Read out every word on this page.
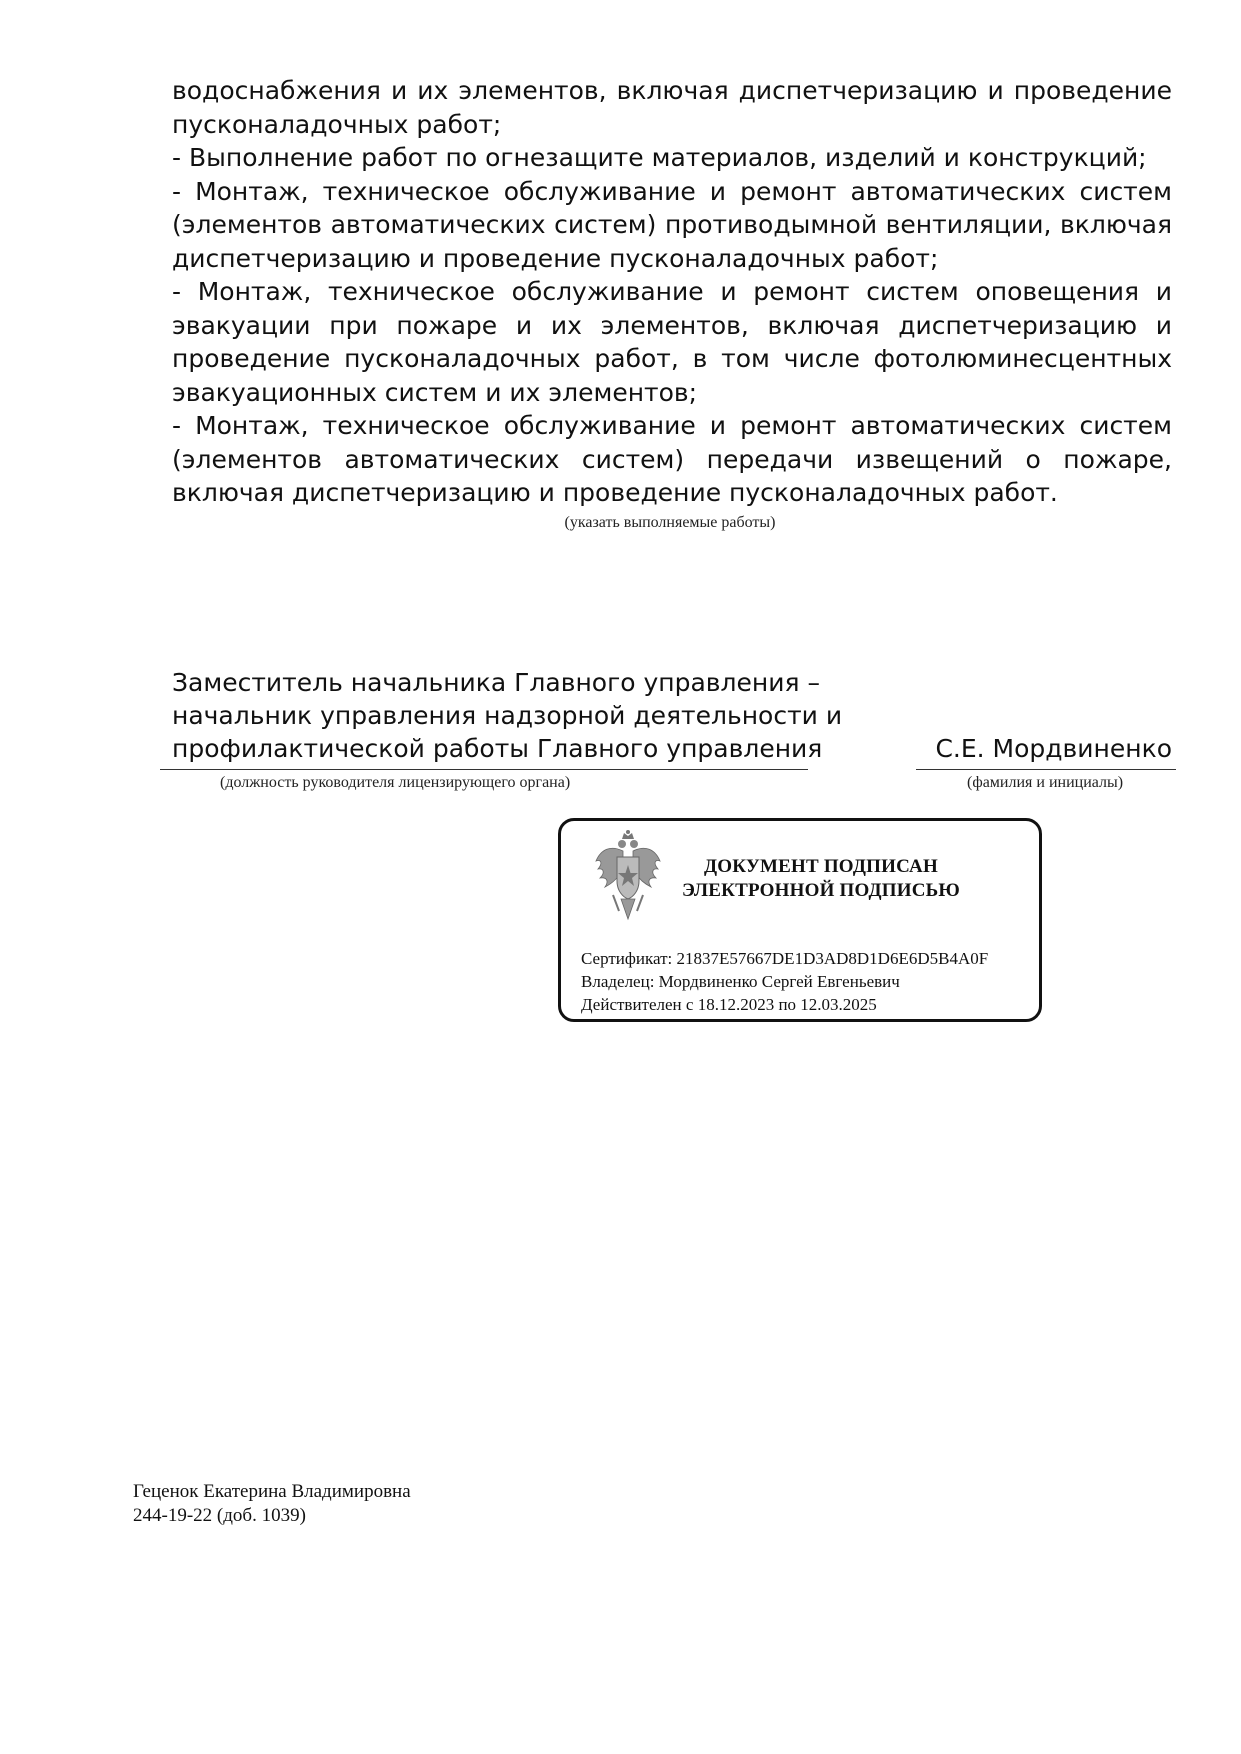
водоснабжения и их элементов, включая диспетчеризацию и проведение пусконаладочных работ;

- Выполнение работ по огнезащите материалов, изделий и конструкций;

- Монтаж, техническое обслуживание и ремонт автоматических систем (элементов автоматических систем) противодымной вентиляции, включая диспетчеризацию и проведение пусконаладочных работ;

- Монтаж, техническое обслуживание и ремонт систем оповещения и эвакуации при пожаре и их элементов, включая диспетчеризацию и проведение пусконаладочных работ, в том числе фотолюминесцентных эвакуационных систем и их элементов;

- Монтаж, техническое обслуживание и ремонт автоматических систем (элементов автоматических систем) передачи извещений о пожаре, включая диспетчеризацию и проведение пусконаладочных работ.

(указать выполняемые работы)
Заместитель начальника Главного управления –
начальник управления надзорной деятельности и
профилактической работы Главного управления
(должность руководителя лицензирующего органа)
С.Е. Мордвиненко
(фамилия и инициалы)
ДОКУМЕНТ ПОДПИСАН
ЭЛЕКТРОННОЙ ПОДПИСЬЮ
Сертификат: 21837E57667DE1D3AD8D1D6E6D5B4A0F
Владелец: Мордвиненко Сергей Евгеньевич
Действителен с 18.12.2023 по 12.03.2025
Геценок Екатерина Владимировна
244-19-22 (доб. 1039)
